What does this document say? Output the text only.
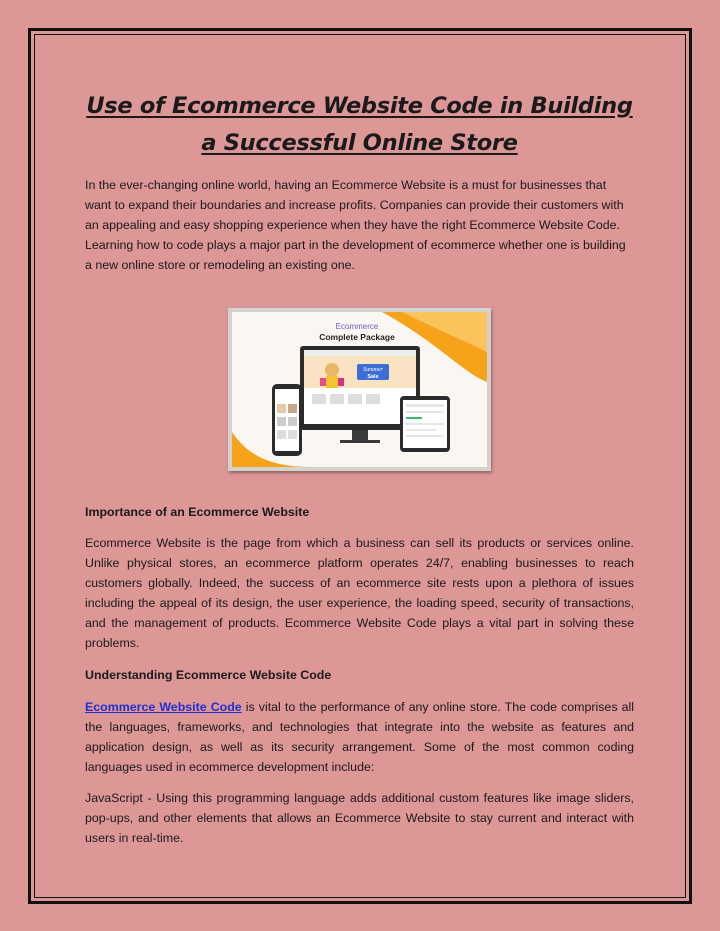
Use of Ecommerce Website Code in Building a Successful Online Store

In the ever-changing online world, having an Ecommerce Website is a must for businesses that want to expand their boundaries and increase profits. Companies can provide their customers with an appealing and easy shopping experience when they have the right Ecommerce Website Code. Learning how to code plays a major part in the development of ecommerce whether one is building a new online store or remodeling an existing one.

Ecommerce
Complete Package
Summer
Sale

Importance of an Ecommerce Website

Ecommerce Website is the page from which a business can sell its products or services online. Unlike physical stores, an ecommerce platform operates 24/7, enabling businesses to reach customers globally. Indeed, the success of an ecommerce site rests upon a plethora of issues including the appeal of its design, the user experience, the loading speed, security of transactions, and the management of products. Ecommerce Website Code plays a vital part in solving these problems.

Understanding Ecommerce Website Code

Ecommerce Website Code is vital to the performance of any online store. The code comprises all the languages, frameworks, and technologies that integrate into the website as features and application design, as well as its security arrangement. Some of the most common coding languages used in ecommerce development include:

JavaScript - Using this programming language adds additional custom features like image sliders, pop-ups, and other elements that allows an Ecommerce Website to stay current and interact with users in real-time.
